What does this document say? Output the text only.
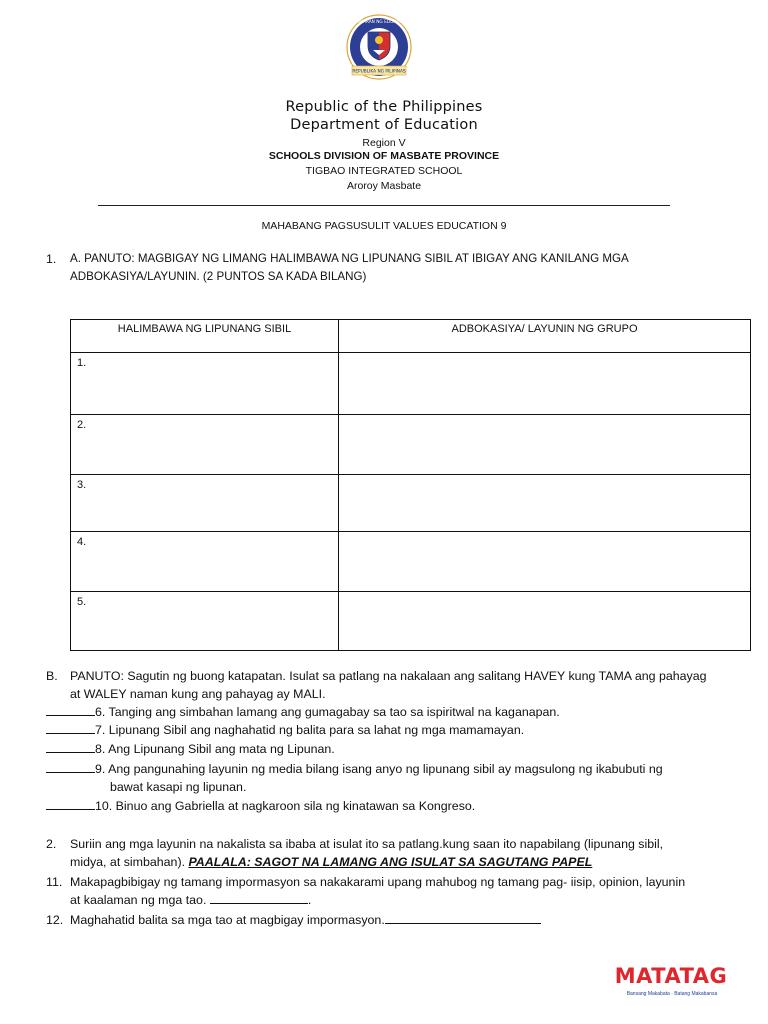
REPUBLIKA NG PILIPINAS
KAGAWARAN NG EDUKASYON
Republic of the Philippines
Department of Education
Region V
SCHOOLS DIVISION OF MASBATE PROVINCE
TIGBAO INTEGRATED SCHOOL
Aroroy Masbate
MAHABANG PAGSUSULIT VALUES EDUCATION 9
1. A. PANUTO: MAGBIGAY NG LIMANG HALIMBAWA NG LIPUNANG SIBIL AT IBIGAY ANG KANILANG MGA
ADBOKASIYA/LAYUNIN. (2 PUNTOS SA KADA BILANG)
HALIMBAWA NG LIPUNANG SIBIL	ADBOKASIYA/ LAYUNIN NG GRUPO
1.	
2.	
3.	
4.	
5.	
B. PANUTO: Sagutin ng buong katapatan. Isulat sa patlang na nakalaan ang salitang HAVEY kung TAMA ang pahayag
at WALEY naman kung ang pahayag ay MALI.
6. Tanging ang simbahan lamang ang gumagabay sa tao sa ispiritwal na kaganapan.
7. Lipunang Sibil ang naghahatid ng balita para sa lahat ng mga mamamayan.
8. Ang Lipunang Sibil ang mata ng Lipunan.
9. Ang pangunahing layunin ng media bilang isang anyo ng lipunang sibil ay magsulong ng ikabubuti ng
bawat kasapi ng lipunan.
10. Binuo ang Gabriella at nagkaroon sila ng kinatawan sa Kongreso.
2. Suriin ang mga layunin na nakalista sa ibaba at isulat ito sa patlang.kung saan ito napabilang (lipunang sibil,
midya, at simbahan). PAALALA: SAGOT NA LAMANG ANG ISULAT SA SAGUTANG PAPEL
11. Makapagbibigay ng tamang impormasyon sa nakakarami upang mahubog ng tamang pag- iisip, opinion, layunin
at kaalaman ng mga tao.	.
12. Maghahatid balita sa mga tao at magbigay impormasyon.
MATATAG
Bansang Makabata · Batang Makabansa
